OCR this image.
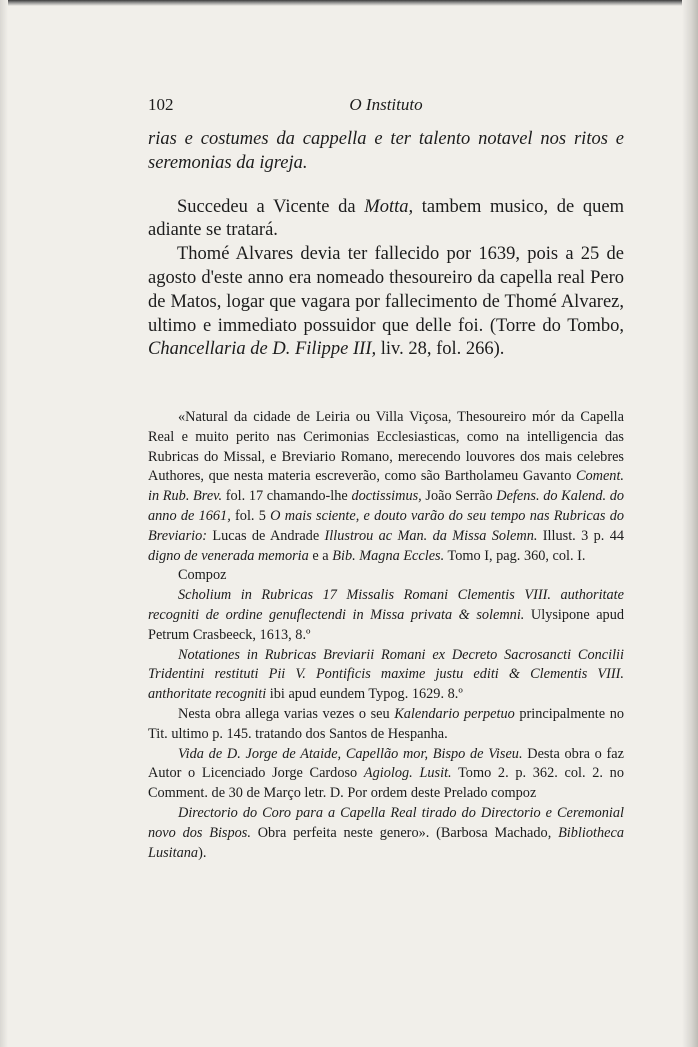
102	O Instituto

rias e costumes da cappella e ter talento notavel nos ritos e seremonias da igreja.

Succedeu a Vicente da Motta, tambem musico, de quem adiante se tratará.

Thomé Alvares devia ter fallecido por 1639, pois a 25 de agosto d'este anno era nomeado thesoureiro da capella real Pero de Matos, logar que vagara por fallecimento de Thomé Alvarez, ultimo e immediato possuidor que delle foi. (Torre do Tombo, Chancellaria de D. Filippe III, liv. 28, fol. 266).

«Natural da cidade de Leiria ou Villa Viçosa, Thesoureiro mór da Capella Real e muito perito nas Cerimonias Ecclesiasticas, como na intelligencia das Rubricas do Missal, e Breviario Romano, merecendo louvores dos mais celebres Authores, que nesta materia escreverão, como são Bartholameu Gavanto Coment. in Rub. Brev. fol. 17 chamando-lhe doctissimus, João Serrão Defens. do Kalend. do anno de 1661, fol. 5 O mais sciente, e douto varão do seu tempo nas Rubricas do Breviario: Lucas de Andrade Illustrou ac Man. da Missa Solemn. Illust. 3 p. 44 digno de venerada memoria e a Bib. Magna Eccles. Tomo I, pag. 360, col. I.

Compoz

Scholium in Rubricas 17 Missalis Romani Clementis VIII. authoritate recogniti de ordine genuflectendi in Missa privata & solemni. Ulysipone apud Petrum Crasbeeck, 1613, 8.º

Notationes in Rubricas Breviarii Romani ex Decreto Sacrosancti Concilii Tridentini restituti Pii V. Pontificis maxime justu editi & Clementis VIII. anthoritate recogniti ibi apud eundem Typog. 1629. 8.º

Nesta obra allega varias vezes o seu Kalendario perpetuo principalmente no Tit. ultimo p. 145. tratando dos Santos de Hespanha.

Vida de D. Jorge de Ataide, Capellão mor, Bispo de Viseu. Desta obra o faz Autor o Licenciado Jorge Cardoso Agiolog. Lusit. Tomo 2. p. 362. col. 2. no Comment. de 30 de Março letr. D. Por ordem deste Prelado compoz

Directorio do Coro para a Capella Real tirado do Directorio e Ceremonial novo dos Bispos. Obra perfeita neste genero». (Barbosa Machado, Bibliotheca Lusitana).
